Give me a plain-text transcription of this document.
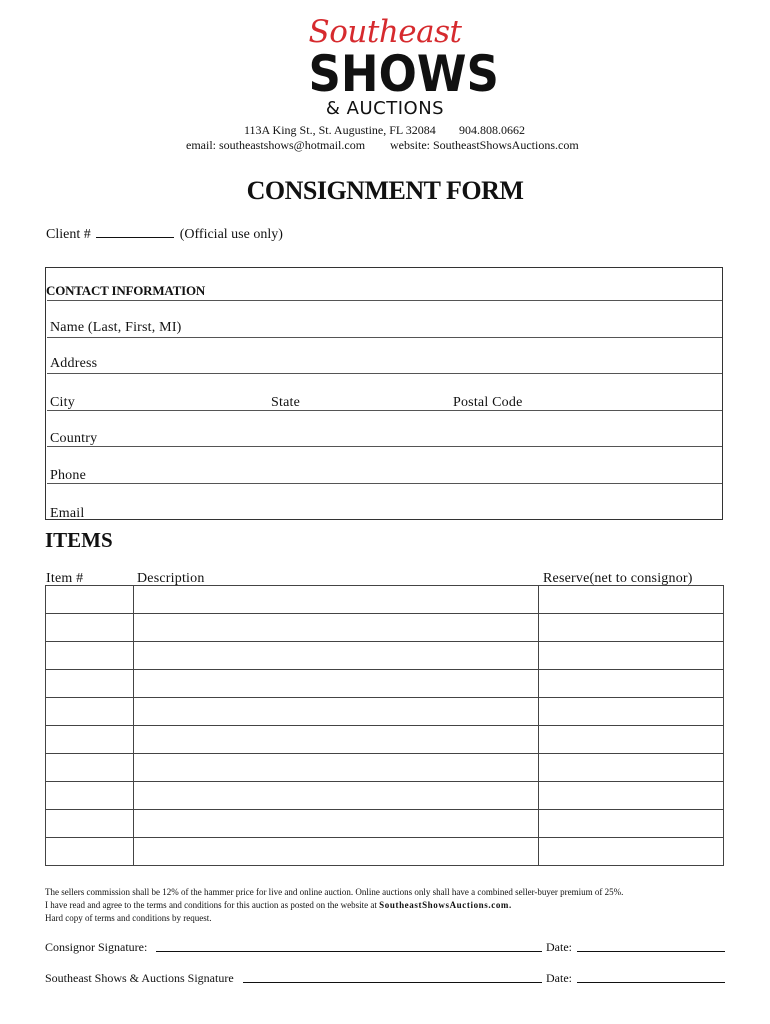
Southeast
SHOWS
& AUCTIONS
113A King St., St. Augustine, FL 32084 904.808.0662
email: southeastshows@hotmail.com website: SoutheastShowsAuctions.com
CONSIGNMENT FORM
Client #	(Official use only)
CONTACT INFORMATION
Name (Last, First, MI)
Address
City	State	Postal Code
Country
Phone
Email
ITEMS
Item #	Description	Reserve(net to consignor)

The sellers commission shall be 12% of the hammer price for live and online auction. Online auctions only shall have a combined seller-buyer premium of 25%.
I have read and agree to the terms and conditions for this auction as posted on the website at SoutheastShowsAuctions.com.
Hard copy of terms and conditions by request.
Consignor Signature:	Date:
Southeast Shows & Auctions Signature	Date:
